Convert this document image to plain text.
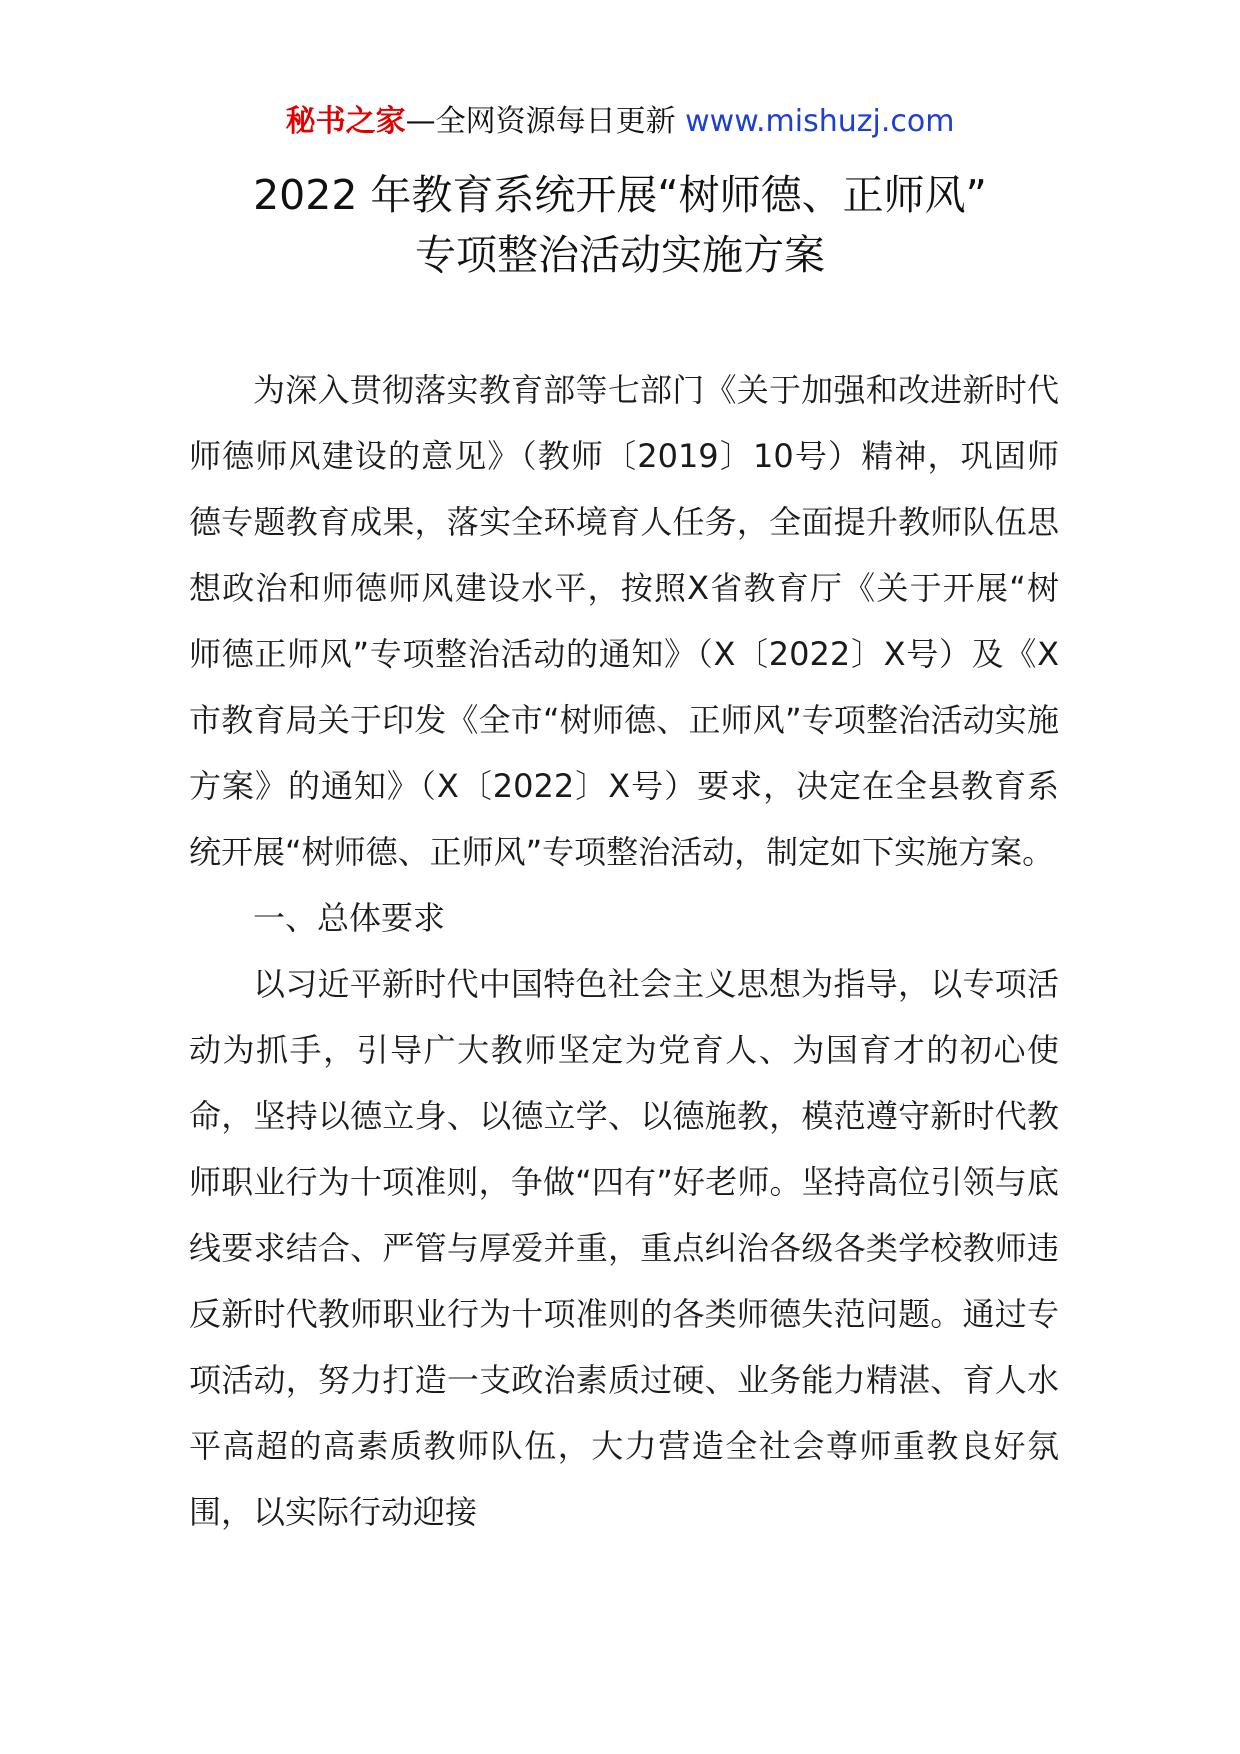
秘书之家—全网资源每日更新 www.mishuzj.com
2022 年教育系统开展“树师德、正师风”
专项整治活动实施方案

为深入贯彻落实教育部等七部门《关于加强和改进新时代师德师风建设的意见》（教师〔2019〕10号）精神，巩固师德专题教育成果，落实全环境育人任务，全面提升教师队伍思想政治和师德师风建设水平，按照X省教育厅《关于开展“树师德正师风”专项整治活动的通知》（X〔2022〕X号）及《X市教育局关于印发《全市“树师德、正师风”专项整治活动实施方案》的通知》（X〔2022〕X号）要求，决定在全县教育系统开展“树师德、正师风”专项整治活动，制定如下实施方案。

一、总体要求

以习近平新时代中国特色社会主义思想为指导，以专项活动为抓手，引导广大教师坚定为党育人、为国育才的初心使命，坚持以德立身、以德立学、以德施教，模范遵守新时代教师职业行为十项准则，争做“四有”好老师。坚持高位引领与底线要求结合、严管与厚爱并重，重点纠治各级各类学校教师违反新时代教师职业行为十项准则的各类师德失范问题。通过专项活动，努力打造一支政治素质过硬、业务能力精湛、育人水平高超的高素质教师队伍，大力营造全社会尊师重教良好氛围，以实际行动迎接
